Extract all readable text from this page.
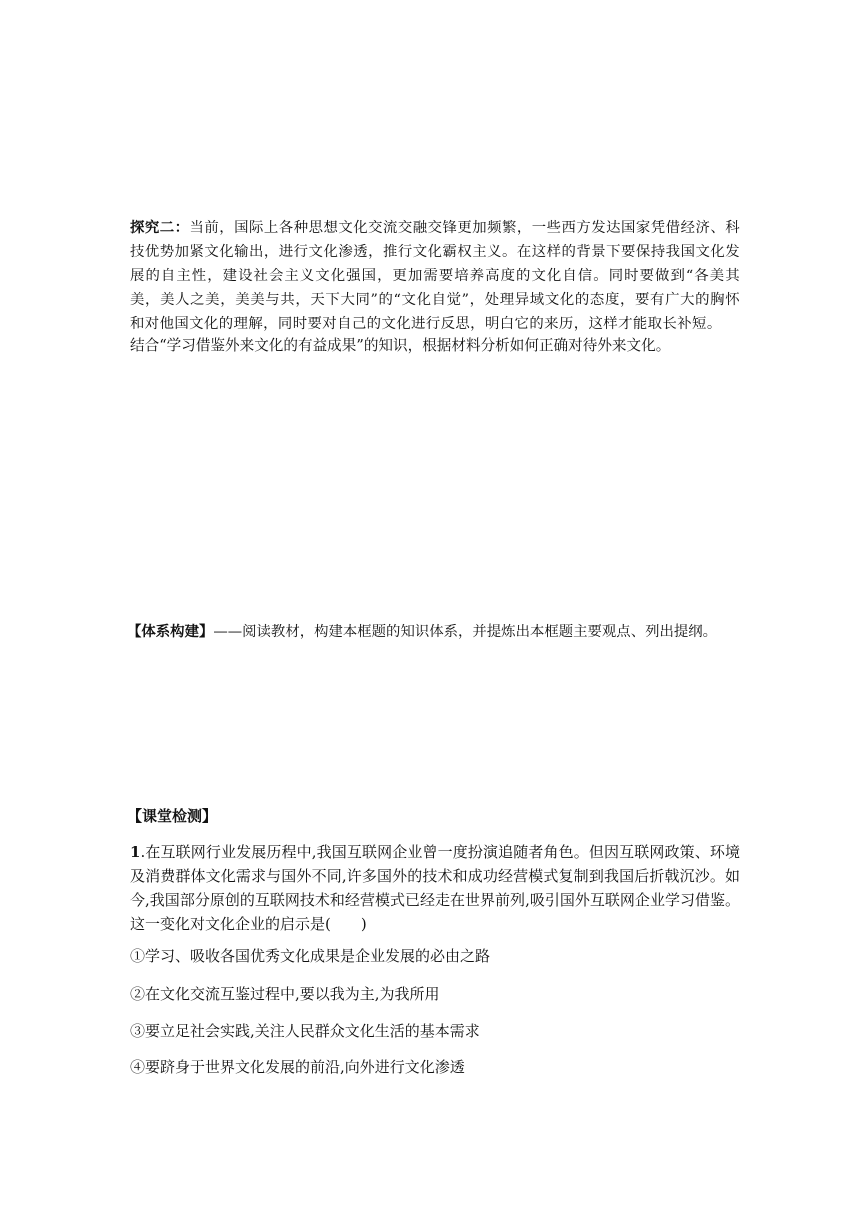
探究二：当前，国际上各种思想文化交流交融交锋更加频繁，一些西方发达国家凭借经济、科技优势加紧文化输出，进行文化渗透，推行文化霸权主义。在这样的背景下要保持我国文化发展的自主性，建设社会主义文化强国，更加需要培养高度的文化自信。同时要做到“各美其美，美人之美，美美与共，天下大同”的“文化自觉”，处理异域文化的态度，要有广大的胸怀和对他国文化的理解，同时要对自己的文化进行反思，明白它的来历，这样才能取长补短。
结合“学习借鉴外来文化的有益成果”的知识，根据材料分析如何正确对待外来文化。
【体系构建】——阅读教材，构建本框题的知识体系，并提炼出本框题主要观点、列出提纲。
【课堂检测】
1.在互联网行业发展历程中,我国互联网企业曾一度扮演追随者角色。但因互联网政策、环境及消费群体文化需求与国外不同,许多国外的技术和成功经营模式复制到我国后折戟沉沙。如今,我国部分原创的互联网技术和经营模式已经走在世界前列,吸引国外互联网企业学习借鉴。这一变化对文化企业的启示是(　　)
①学习、吸收各国优秀文化成果是企业发展的必由之路
②在文化交流互鉴过程中,要以我为主,为我所用
③要立足社会实践,关注人民群众文化生活的基本需求
④要跻身于世界文化发展的前沿,向外进行文化渗透
